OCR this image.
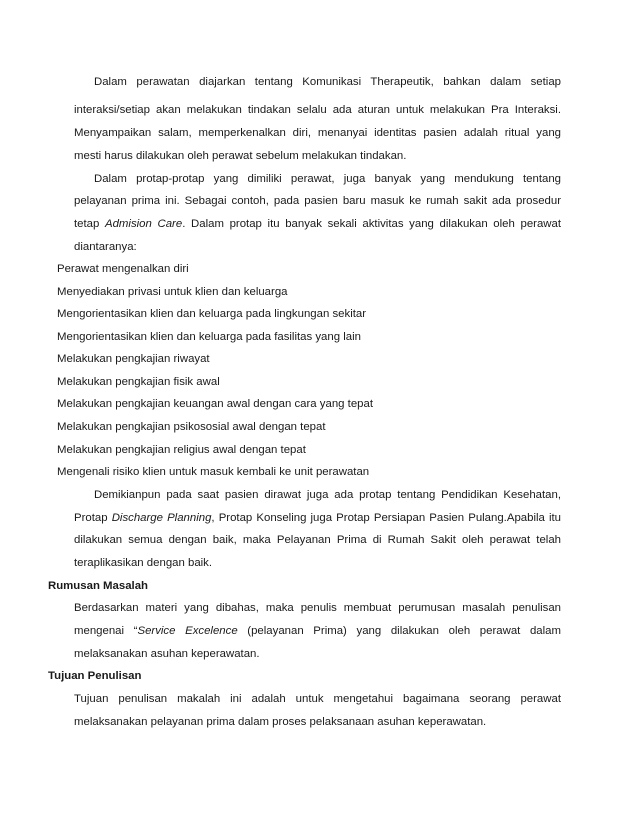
Dalam perawatan diajarkan tentang Komunikasi Therapeutik, bahkan dalam setiap
interaksi/setiap akan melakukan tindakan selalu ada aturan untuk melakukan Pra Interaksi.
Menyampaikan salam, memperkenalkan diri, menanyai identitas pasien adalah ritual yang
mesti harus dilakukan oleh perawat sebelum melakukan tindakan.
Dalam protap-protap yang dimiliki perawat, juga banyak yang mendukung tentang
pelayanan prima ini. Sebagai contoh, pada pasien baru masuk ke rumah sakit ada prosedur
tetap Admision Care. Dalam protap itu banyak sekali aktivitas yang dilakukan oleh perawat
diantaranya:
Perawat mengenalkan diri
Menyediakan privasi untuk klien dan keluarga
Mengorientasikan klien dan keluarga pada lingkungan sekitar
Mengorientasikan klien dan keluarga pada fasilitas yang lain
Melakukan pengkajian riwayat
Melakukan pengkajian fisik awal
Melakukan pengkajian keuangan awal dengan cara yang tepat
Melakukan pengkajian psikososial awal dengan tepat
Melakukan pengkajian religius awal dengan tepat
Mengenali risiko klien untuk masuk kembali ke unit perawatan
Demikianpun pada saat pasien dirawat juga ada protap tentang Pendidikan Kesehatan,
Protap Discharge Planning, Protap Konseling juga Protap Persiapan Pasien Pulang.Apabila itu
dilakukan semua dengan baik, maka Pelayanan Prima di Rumah Sakit oleh perawat telah
teraplikasikan dengan baik.
Rumusan Masalah
Berdasarkan materi yang dibahas, maka penulis membuat perumusan masalah penulisan
mengenai “Service Excelence (pelayanan Prima) yang dilakukan oleh perawat dalam
melaksanakan asuhan keperawatan.
Tujuan Penulisan
Tujuan penulisan makalah ini adalah untuk mengetahui bagaimana seorang perawat
melaksanakan pelayanan prima dalam proses pelaksanaan asuhan keperawatan.
